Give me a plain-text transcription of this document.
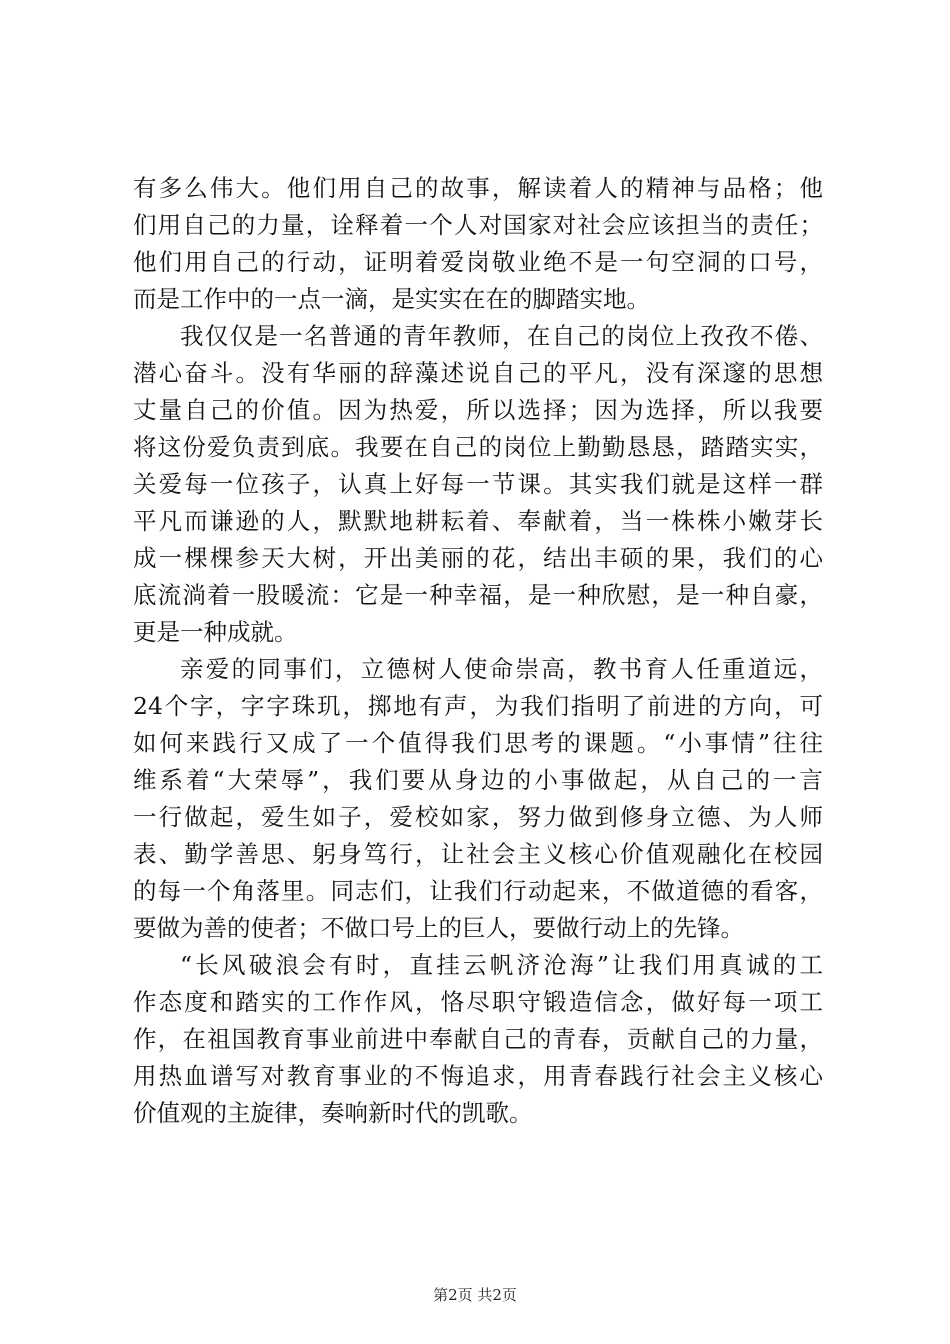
有多么伟大。他们用自己的故事，解读着人的精神与品格；他
们用自己的力量，诠释着一个人对国家对社会应该担当的责任；
他们用自己的行动，证明着爱岗敬业绝不是一句空洞的口号，
而是工作中的一点一滴，是实实在在的脚踏实地。
我仅仅是一名普通的青年教师，在自己的岗位上孜孜不倦、
潜心奋斗。没有华丽的辞藻述说自己的平凡，没有深邃的思想
丈量自己的价值。因为热爱，所以选择；因为选择，所以我要
将这份爱负责到底。我要在自己的岗位上勤勤恳恳，踏踏实实，
关爱每一位孩子，认真上好每一节课。其实我们就是这样一群
平凡而谦逊的人，默默地耕耘着、奉献着，当一株株小嫩芽长
成一棵棵参天大树，开出美丽的花，结出丰硕的果，我们的心
底流淌着一股暖流：它是一种幸福，是一种欣慰，是一种自豪，
更是一种成就。
亲爱的同事们，立德树人使命崇高，教书育人任重道远，
24个字，字字珠玑，掷地有声，为我们指明了前进的方向，可
如何来践行又成了一个值得我们思考的课题。“小事情”往往
维系着“大荣辱”，我们要从身边的小事做起，从自己的一言
一行做起，爱生如子，爱校如家，努力做到修身立德、为人师
表、勤学善思、躬身笃行，让社会主义核心价值观融化在校园
的每一个角落里。同志们，让我们行动起来，不做道德的看客，
要做为善的使者；不做口号上的巨人，要做行动上的先锋。
“长风破浪会有时，直挂云帆济沧海”让我们用真诚的工
作态度和踏实的工作作风，恪尽职守锻造信念，做好每一项工
作，在祖国教育事业前进中奉献自己的青春，贡献自己的力量，
用热血谱写对教育事业的不悔追求，用青春践行社会主义核心
价值观的主旋律，奏响新时代的凯歌。
第2页 共2页
